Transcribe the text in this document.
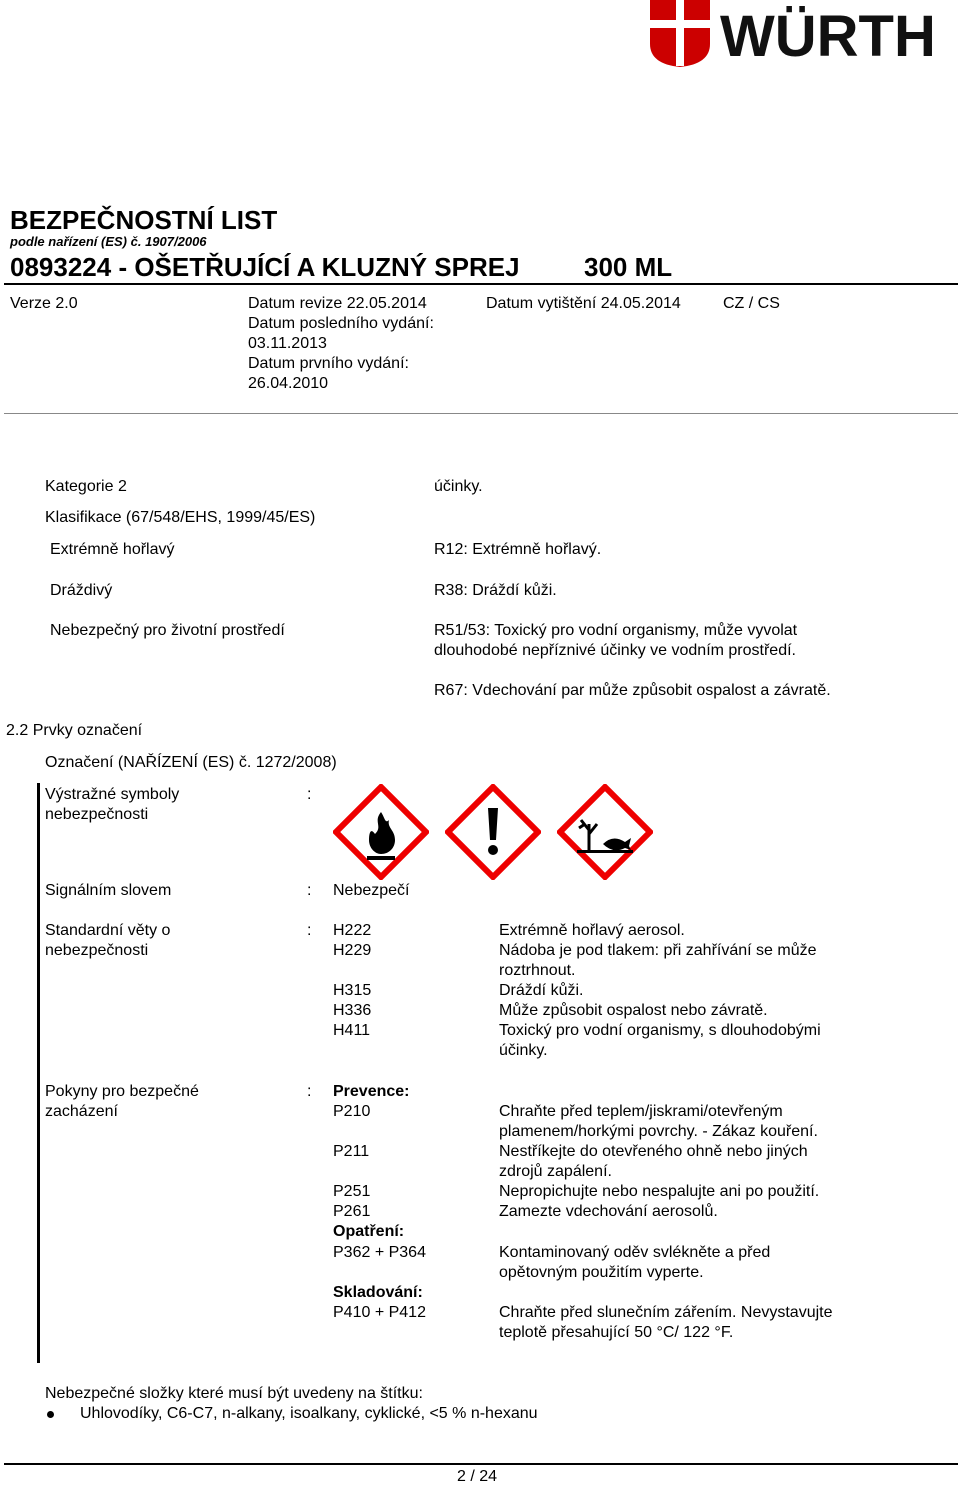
WÜRTH
BEZPEČNOSTNÍ LIST
podle nařízení (ES) č. 1907/2006
0893224 - OŠETŘUJÍCÍ A KLUZNÝ SPREJ 300 ML
Verze 2.0	Datum revize 22.05.2014
Datum posledního vydání:
03.11.2013
Datum prvního vydání:
26.04.2010
Datum vytištění 24.05.2014	CZ / CS
Kategorie 2	účinky.
Klasifikace (67/548/EHS, 1999/45/ES)
Extrémně hořlavý	R12: Extrémně hořlavý.
Dráždivý	R38: Dráždí kůži.
Nebezpečný pro životní prostředí	R51/53: Toxický pro vodní organismy, může vyvolat
dlouhodobé nepříznivé účinky ve vodním prostředí.
R67: Vdechování par může způsobit ospalost a závratě.
2.2 Prvky označení
Označení (NAŘÍZENÍ (ES) č. 1272/2008)
Výstražné symboly
nebezpečnosti
:
Signálním slovem	: Nebezpečí
Standardní věty o
nebezpečnosti
: H222	Extrémně hořlavý aerosol.
H229	Nádoba je pod tlakem: při zahřívání se může
roztrhnout.
H315	Dráždí kůži.
H336	Může způsobit ospalost nebo závratě.
H411	Toxický pro vodní organismy, s dlouhodobými
účinky.
Pokyny pro bezpečné
zacházení
: Prevence:
P210	Chraňte před teplem/jiskrami/otevřeným
plamenem/horkými povrchy. - Zákaz kouření.
P211	Nestříkejte do otevřeného ohně nebo jiných
zdrojů zapálení.
P251	Nepropichujte nebo nespalujte ani po použití.
P261	Zamezte vdechování aerosolů.
Opatření:
P362 + P364	Kontaminovaný oděv svlékněte a před
opětovným použitím vyperte.
Skladování:
P410 + P412	Chraňte před slunečním zářením. Nevystavujte
teplotě přesahující 50 °C/ 122 °F.
Nebezpečné složky které musí být uvedeny na štítku:
Uhlovodíky, C6-C7, n-alkany, isoalkany, cyklické, <5 % n-hexanu
2 / 24
